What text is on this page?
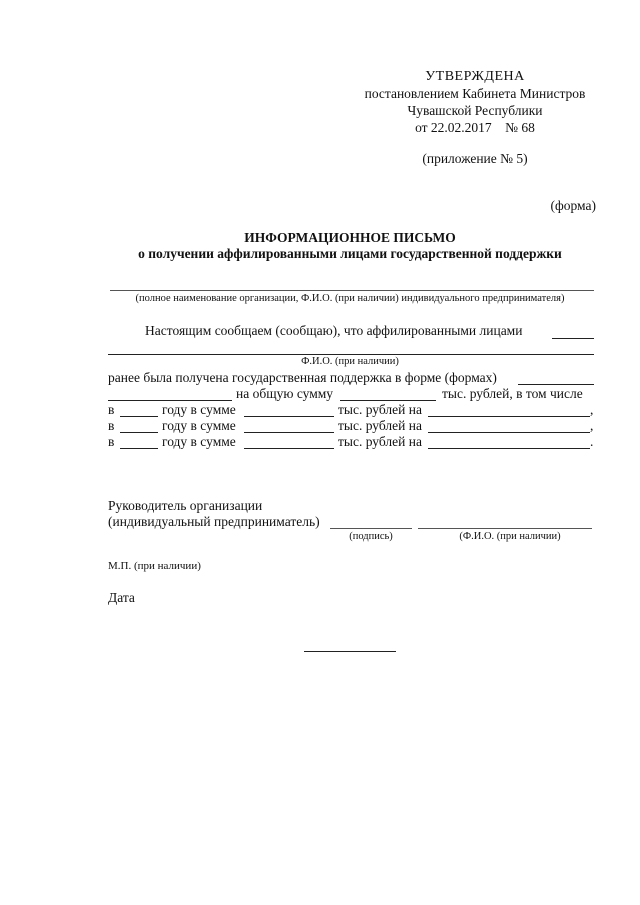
УТВЕРЖДЕНА
постановлением Кабинета Министров
Чувашской Республики
от 22.02.2017    № 68
(приложение № 5)
(форма)
ИНФОРМАЦИОННОЕ ПИСЬМО
о получении аффилированными лицами государственной поддержки
(полное наименование организации, Ф.И.О. (при наличии) индивидуального предпринимателя)
Настоящим сообщаем (сообщаю), что аффилированными лицами
Ф.И.О. (при наличии)
ранее была получена государственная поддержка в форме (формах)
на общую сумму	тыс. рублей, в том числе
в	году в сумме	тыс. рублей на	,
в	году в сумме	тыс. рублей на	,
в	году в сумме	тыс. рублей на	.
Руководитель организации
(индивидуальный предприниматель)
(подпись)	(Ф.И.О. (при наличии)
М.П. (при наличии)
Дата
